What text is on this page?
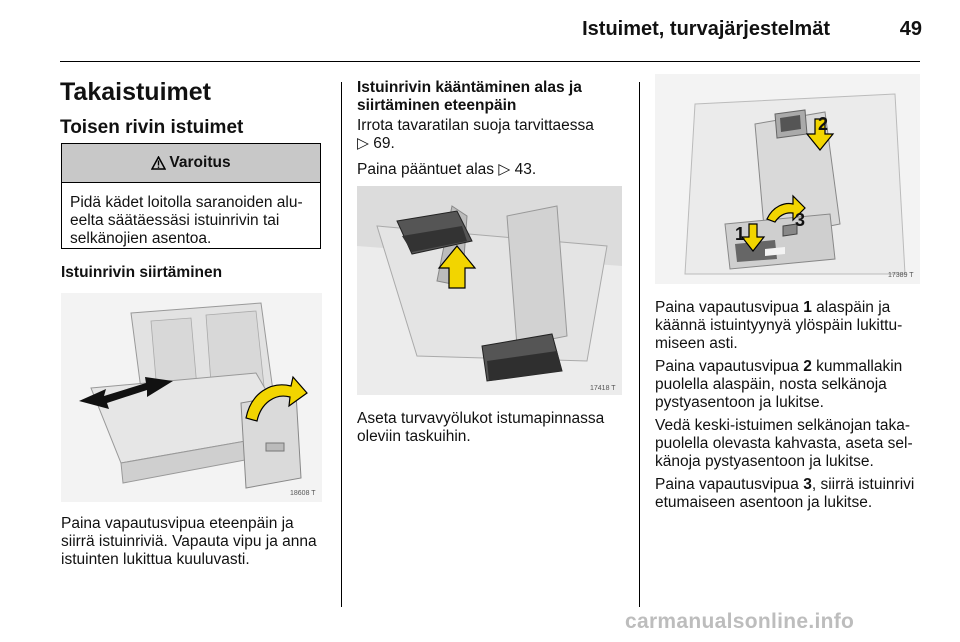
Istuimet, turvajärjestelmät	49
Takaistuimet
Toisen rivin istuimet
Varoitus
Pidä kädet loitolla saranoiden alu-
eelta säätäessäsi istuinrivin tai
selkänojien asentoa.
Istuinrivin siirtäminen
18608 T
Paina vapautusvipua eteenpäin ja
siirrä istuinriviä. Vapauta vipu ja anna
istuinten lukittua kuuluvasti.
Istuinrivin kääntäminen alas ja
siirtäminen eteenpäin
Irrota tavaratilan suoja tarvittaessa
▷ 69.
Paina pääntuet alas ▷ 43.
17418 T
Aseta turvavyölukot istumapinnassa
oleviin taskuihin.
1
2
3
17389 T
Paina vapautusvipua 1 alaspäin ja
käännä istuintyynyä ylöspäin lukittu-
miseen asti.
Paina vapautusvipua 2 kummallakin
puolella alaspäin, nosta selkänoja
pystyasentoon ja lukitse.
Vedä keski-istuimen selkänojan taka-
puolella olevasta kahvasta, aseta sel-
känoja pystyasentoon ja lukitse.
Paina vapautusvipua 3, siirrä istuinrivi
etumaiseen asentoon ja lukitse.
carmanualsonline.info
